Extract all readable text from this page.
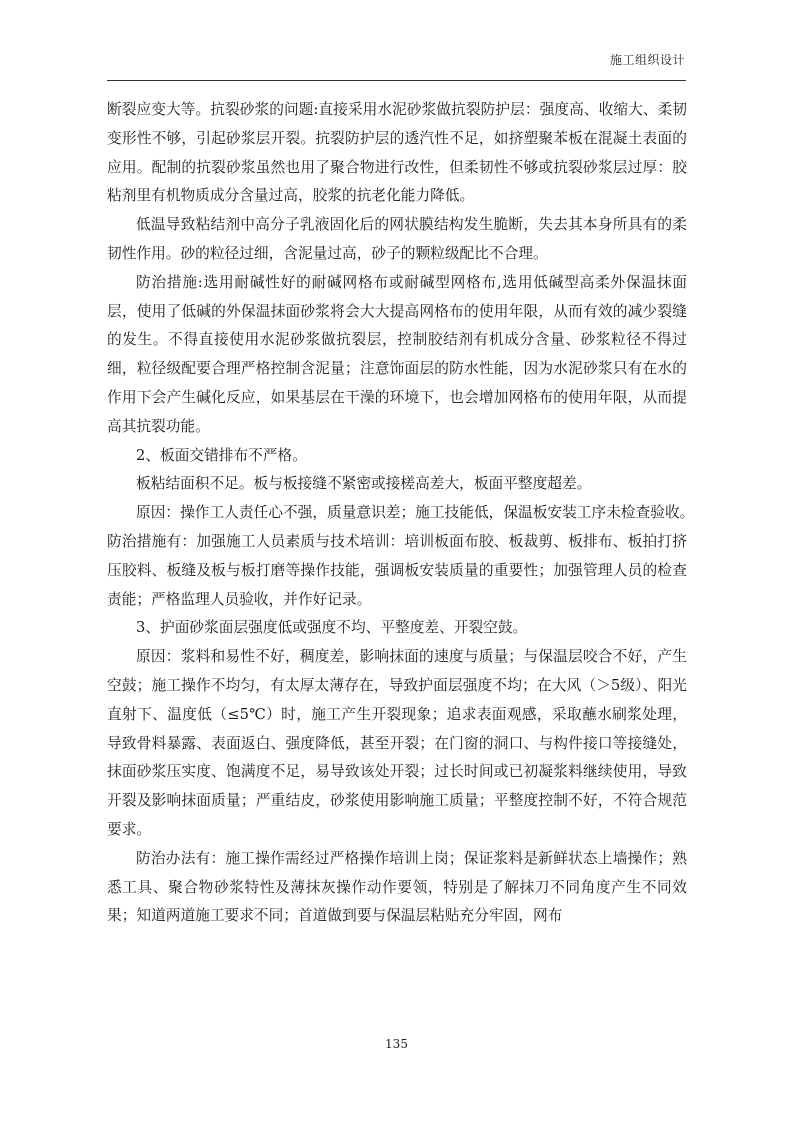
施工组织设计

断裂应变大等。抗裂砂浆的问题:直接采用水泥砂浆做抗裂防护层：强度高、收缩大、柔韧变形性不够，引起砂浆层开裂。抗裂防护层的透汽性不足，如挤塑聚苯板在混凝土表面的应用。配制的抗裂砂浆虽然也用了聚合物进行改性，但柔韧性不够或抗裂砂浆层过厚：胶粘剂里有机物质成分含量过高，胶浆的抗老化能力降低。

低温导致粘结剂中高分子乳液固化后的网状膜结构发生脆断，失去其本身所具有的柔韧性作用。砂的粒径过细，含泥量过高，砂子的颗粒级配比不合理。

防治措施:选用耐碱性好的耐碱网格布或耐碱型网格布,选用低碱型高柔外保温抹面层，使用了低碱的外保温抹面砂浆将会大大提高网格布的使用年限，从而有效的减少裂缝的发生。不得直接使用水泥砂浆做抗裂层，控制胶结剂有机成分含量、砂浆粒径不得过细，粒径级配要合理严格控制含泥量；注意饰面层的防水性能，因为水泥砂浆只有在水的作用下会产生碱化反应，如果基层在干澡的环境下，也会增加网格布的使用年限，从而提高其抗裂功能。

2、板面交错排布不严格。

板粘结面积不足。板与板接缝不紧密或接槎高差大，板面平整度超差。

原因：操作工人责任心不强，质量意识差；施工技能低，保温板安装工序未检查验收。　防治措施有：加强施工人员素质与技术培训：培训板面布胶、板裁剪、板排布、板拍打挤压胶料、板缝及板与板打磨等操作技能，强调板安装质量的重要性；加强管理人员的检查责能；严格监理人员验收，并作好记录。

3、护面砂浆面层强度低或强度不均、平整度差、开裂空鼓。

原因：浆料和易性不好，稠度差，影响抹面的速度与质量；与保温层咬合不好，产生空鼓；施工操作不均匀，有太厚太薄存在，导致护面层强度不均；在大风（＞5级）、阳光直射下、温度低（≤5℃）时，施工产生开裂现象；追求表面观感，采取蘸水刷浆处理，导致骨料暴露、表面返白、强度降低，甚至开裂；在门窗的洞口、与构件接口等接缝处，抹面砂浆压实度、饱满度不足，易导致该处开裂；过长时间或已初凝浆料继续使用，导致开裂及影响抹面质量；严重结皮，砂浆使用影响施工质量；平整度控制不好，不符合规范要求。

防治办法有：施工操作需经过严格操作培训上岗；保证浆料是新鲜状态上墙操作；熟悉工具、聚合物砂浆特性及薄抹灰操作动作要领，特别是了解抹刀不同角度产生不同效果；知道两道施工要求不同；首道做到要与保温层粘贴充分牢固，网布

135
